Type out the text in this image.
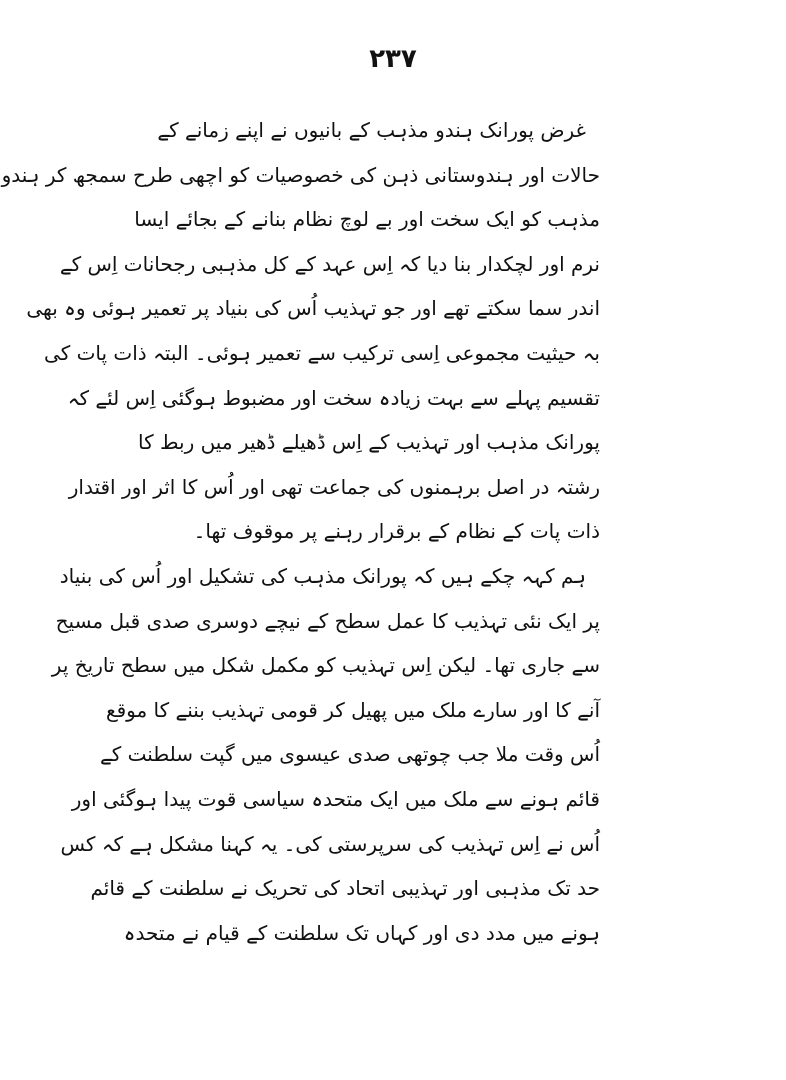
۲۳۷
غرض پورانک ہندو مذہب کے بانیوں نے اپنے زمانے کے
حالات اور ہندوستانی ذہن کی خصوصیات کو اچھی طرح سمجھ کر ہندو
مذہب کو ایک سخت اور بے لوچ نظام بنانے کے بجائے ایسا
نرم اور لچکدار بنا دیا کہ اِس عہد کے کل مذہبی رجحانات اِس کے
اندر سما سکتے تھے اور جو تہذیب اُس کی بنیاد پر تعمیر ہوئی وہ بھی
بہ حیثیت مجموعی اِسی ترکیب سے تعمیر ہوئی۔ البتہ ذات پات کی
تقسیم پہلے سے بہت زیادہ سخت اور مضبوط ہوگئی اِس لئے کہ
پورانک مذہب اور تہذیب کے اِس ڈھیلے ڈھیر میں ربط کا
رشتہ در اصل برہمنوں کی جماعت تھی اور اُس کا اثر اور اقتدار
ذات پات کے نظام کے برقرار رہنے پر موقوف تھا۔
ہم کہہ چکے ہیں کہ پورانک مذہب کی تشکیل اور اُس کی بنیاد
پر ایک نئی تہذیب کا عمل سطح کے نیچے دوسری صدی قبل مسیح
سے جاری تھا۔ لیکن اِس تہذیب کو مکمل شکل میں سطح تاریخ پر
آنے کا اور سارے ملک میں پھیل کر قومی تہذیب بننے کا موقع
اُس وقت ملا جب چوتھی صدی عیسوی میں گپت سلطنت کے
قائم ہونے سے ملک میں ایک متحدہ سیاسی قوت پیدا ہوگئی اور
اُس نے اِس تہذیب کی سرپرستی کی۔ یہ کہنا مشکل ہے کہ کس
حد تک مذہبی اور تہذیبی اتحاد کی تحریک نے سلطنت کے قائم
ہونے میں مدد دی اور کہاں تک سلطنت کے قیام نے متحدہ
